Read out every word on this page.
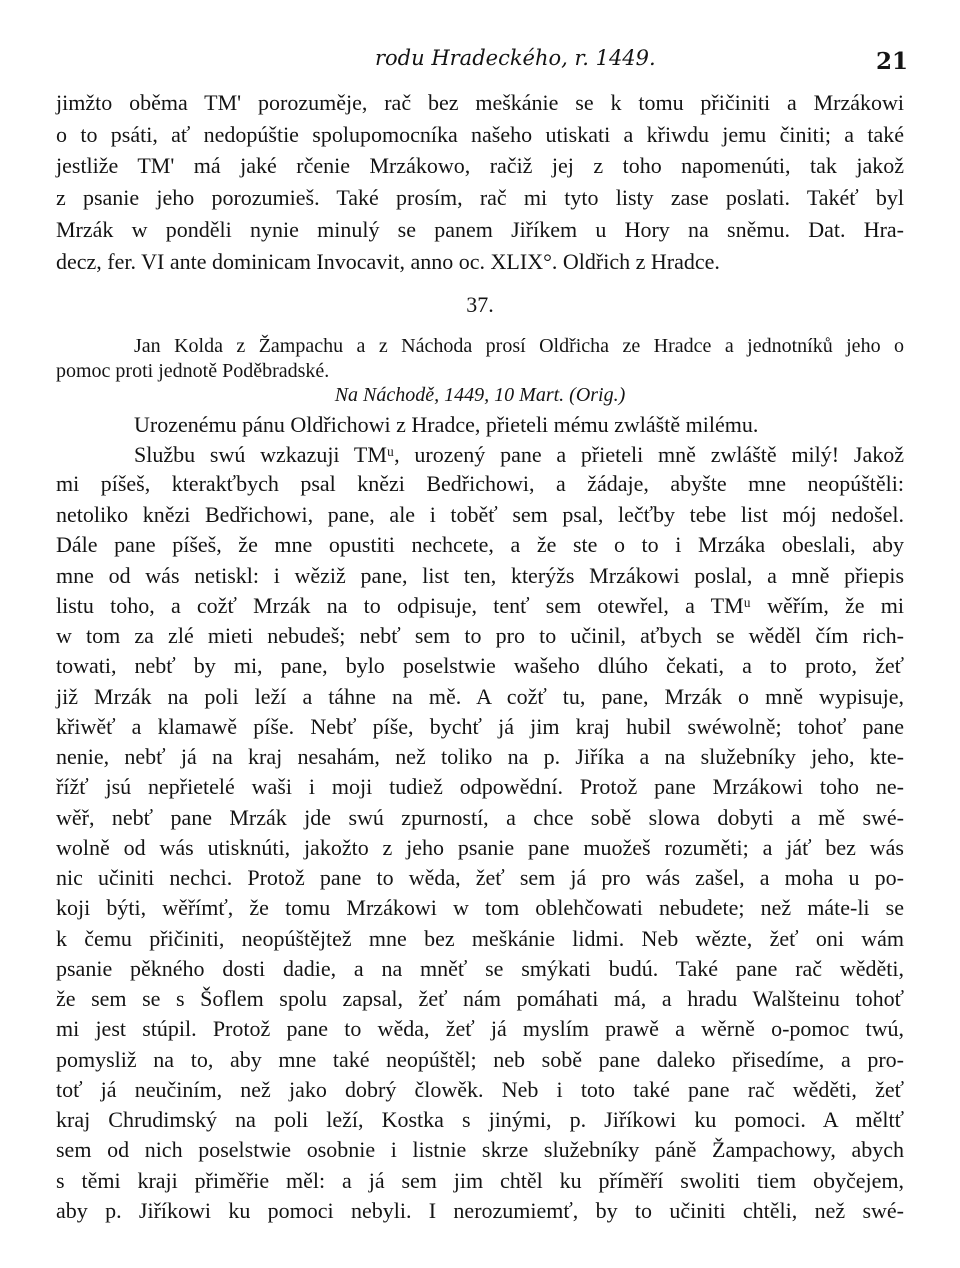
rodu Hradeckého, r. 1449.	21
jimžto oběma TM' porozuměje, rač bez meškánie se k tomu přičiniti a Mrzákowi
o to psáti, ať nedopúštie spolupomocníka našeho utiskati a křiwdu jemu činiti; a také
jestliže TM' má jaké rčenie Mrzákowo, račiž jej z toho napomenúti, tak jakož
z psanie jeho porozumieš. Také prosím, rač mi tyto listy zase poslati. Takéť byl
Mrzák w ponděli nynie minulý se panem Jiříkem u Hory na sněmu. Dat. Hra-
decz, fer. VI ante dominicam Invocavit, anno oc. XLIX°. Oldřich z Hradce.
37.
Jan Kolda z Žampachu a z Náchoda prosí Oldřicha ze Hradce a jednotníků jeho o
pomoc proti jednotě Poděbradské.
Na Náchodě, 1449, 10 Mart. (Orig.)
Urozenému pánu Oldřichowi z Hradce, přieteli mému zwláště milému.
Službu swú wzkazuji TMᵘ, urozený pane a přieteli mně zwláště milý! Jakož
mi píšeš, kterakťbych psal knězi Bedřichowi, a žádaje, abyšte mne neopúštěli:
netoliko knězi Bedřichowi, pane, ale i toběť sem psal, lečťby tebe list mój nedošel.
Dále pane píšeš, že mne opustiti nechcete, a že ste o to i Mrzáka obeslali, aby
mne od wás netiskl: i wěziž pane, list ten, kterýžs Mrzákowi poslal, a mně přiepis
listu toho, a cožť Mrzák na to odpisuje, tenť sem otewřel, a TMᵘ wěřím, že mi
w tom za zlé mieti nebudeš; nebť sem to pro to učinil, aťbych se wěděl čím rich-
towati, nebť by mi, pane, bylo poselstwie wašeho dlúho čekati, a to proto, žeť
již Mrzák na poli leží a táhne na mě. A cožť tu, pane, Mrzák o mně wypisuje,
křiwěť a klamawě píše. Nebť píše, bychť já jim kraj hubil swéwolně; tohoť pane
nenie, nebť já na kraj nesahám, než toliko na p. Jiříka a na služebníky jeho, kte-
řížť jsú nepřietelé waši i moji tudiež odpowědní. Protož pane Mrzákowi toho ne-
wěř, nebť pane Mrzák jde swú zpurností, a chce sobě slowa dobyti a mě swé-
wolně od wás utisknúti, jakožto z jeho psanie pane muožeš rozuměti; a jáť bez wás
nic učiniti nechci. Protož pane to wěda, žeť sem já pro wás zašel, a moha u po-
koji býti, wěřímť, že tomu Mrzákowi w tom oblehčowati nebudete; než máte-li se
k čemu přičiniti, neopúštějtež mne bez meškánie lidmi. Neb wězte, žeť oni wám
psanie pěkného dosti dadie, a na mněť se smýkati budú. Také pane rač wěděti,
že sem se s Šoflem spolu zapsal, žeť nám pomáhati má, a hradu Walšteinu tohoť
mi jest stúpil. Protož pane to wěda, žeť já myslím prawě a wěrně o-pomoc twú,
pomysliž na to, aby mne také neopúštěl; neb sobě pane daleko přisedíme, a pro-
toť já neučiním, než jako dobrý člowěk. Neb i toto také pane rač wěděti, žeť
kraj Chrudimský na poli leží, Kostka s jinými, p. Jiříkowi ku pomoci. A měltť
sem od nich poselstwie osobnie i listnie skrze služebníky páně Žampachowy, abych
s těmi kraji přiměřie měl: a já sem jim chtěl ku příměří swoliti tiem obyčejem,
aby p. Jiříkowi ku pomoci nebyli. I nerozumiemť, by to učiniti chtěli, než swé-
